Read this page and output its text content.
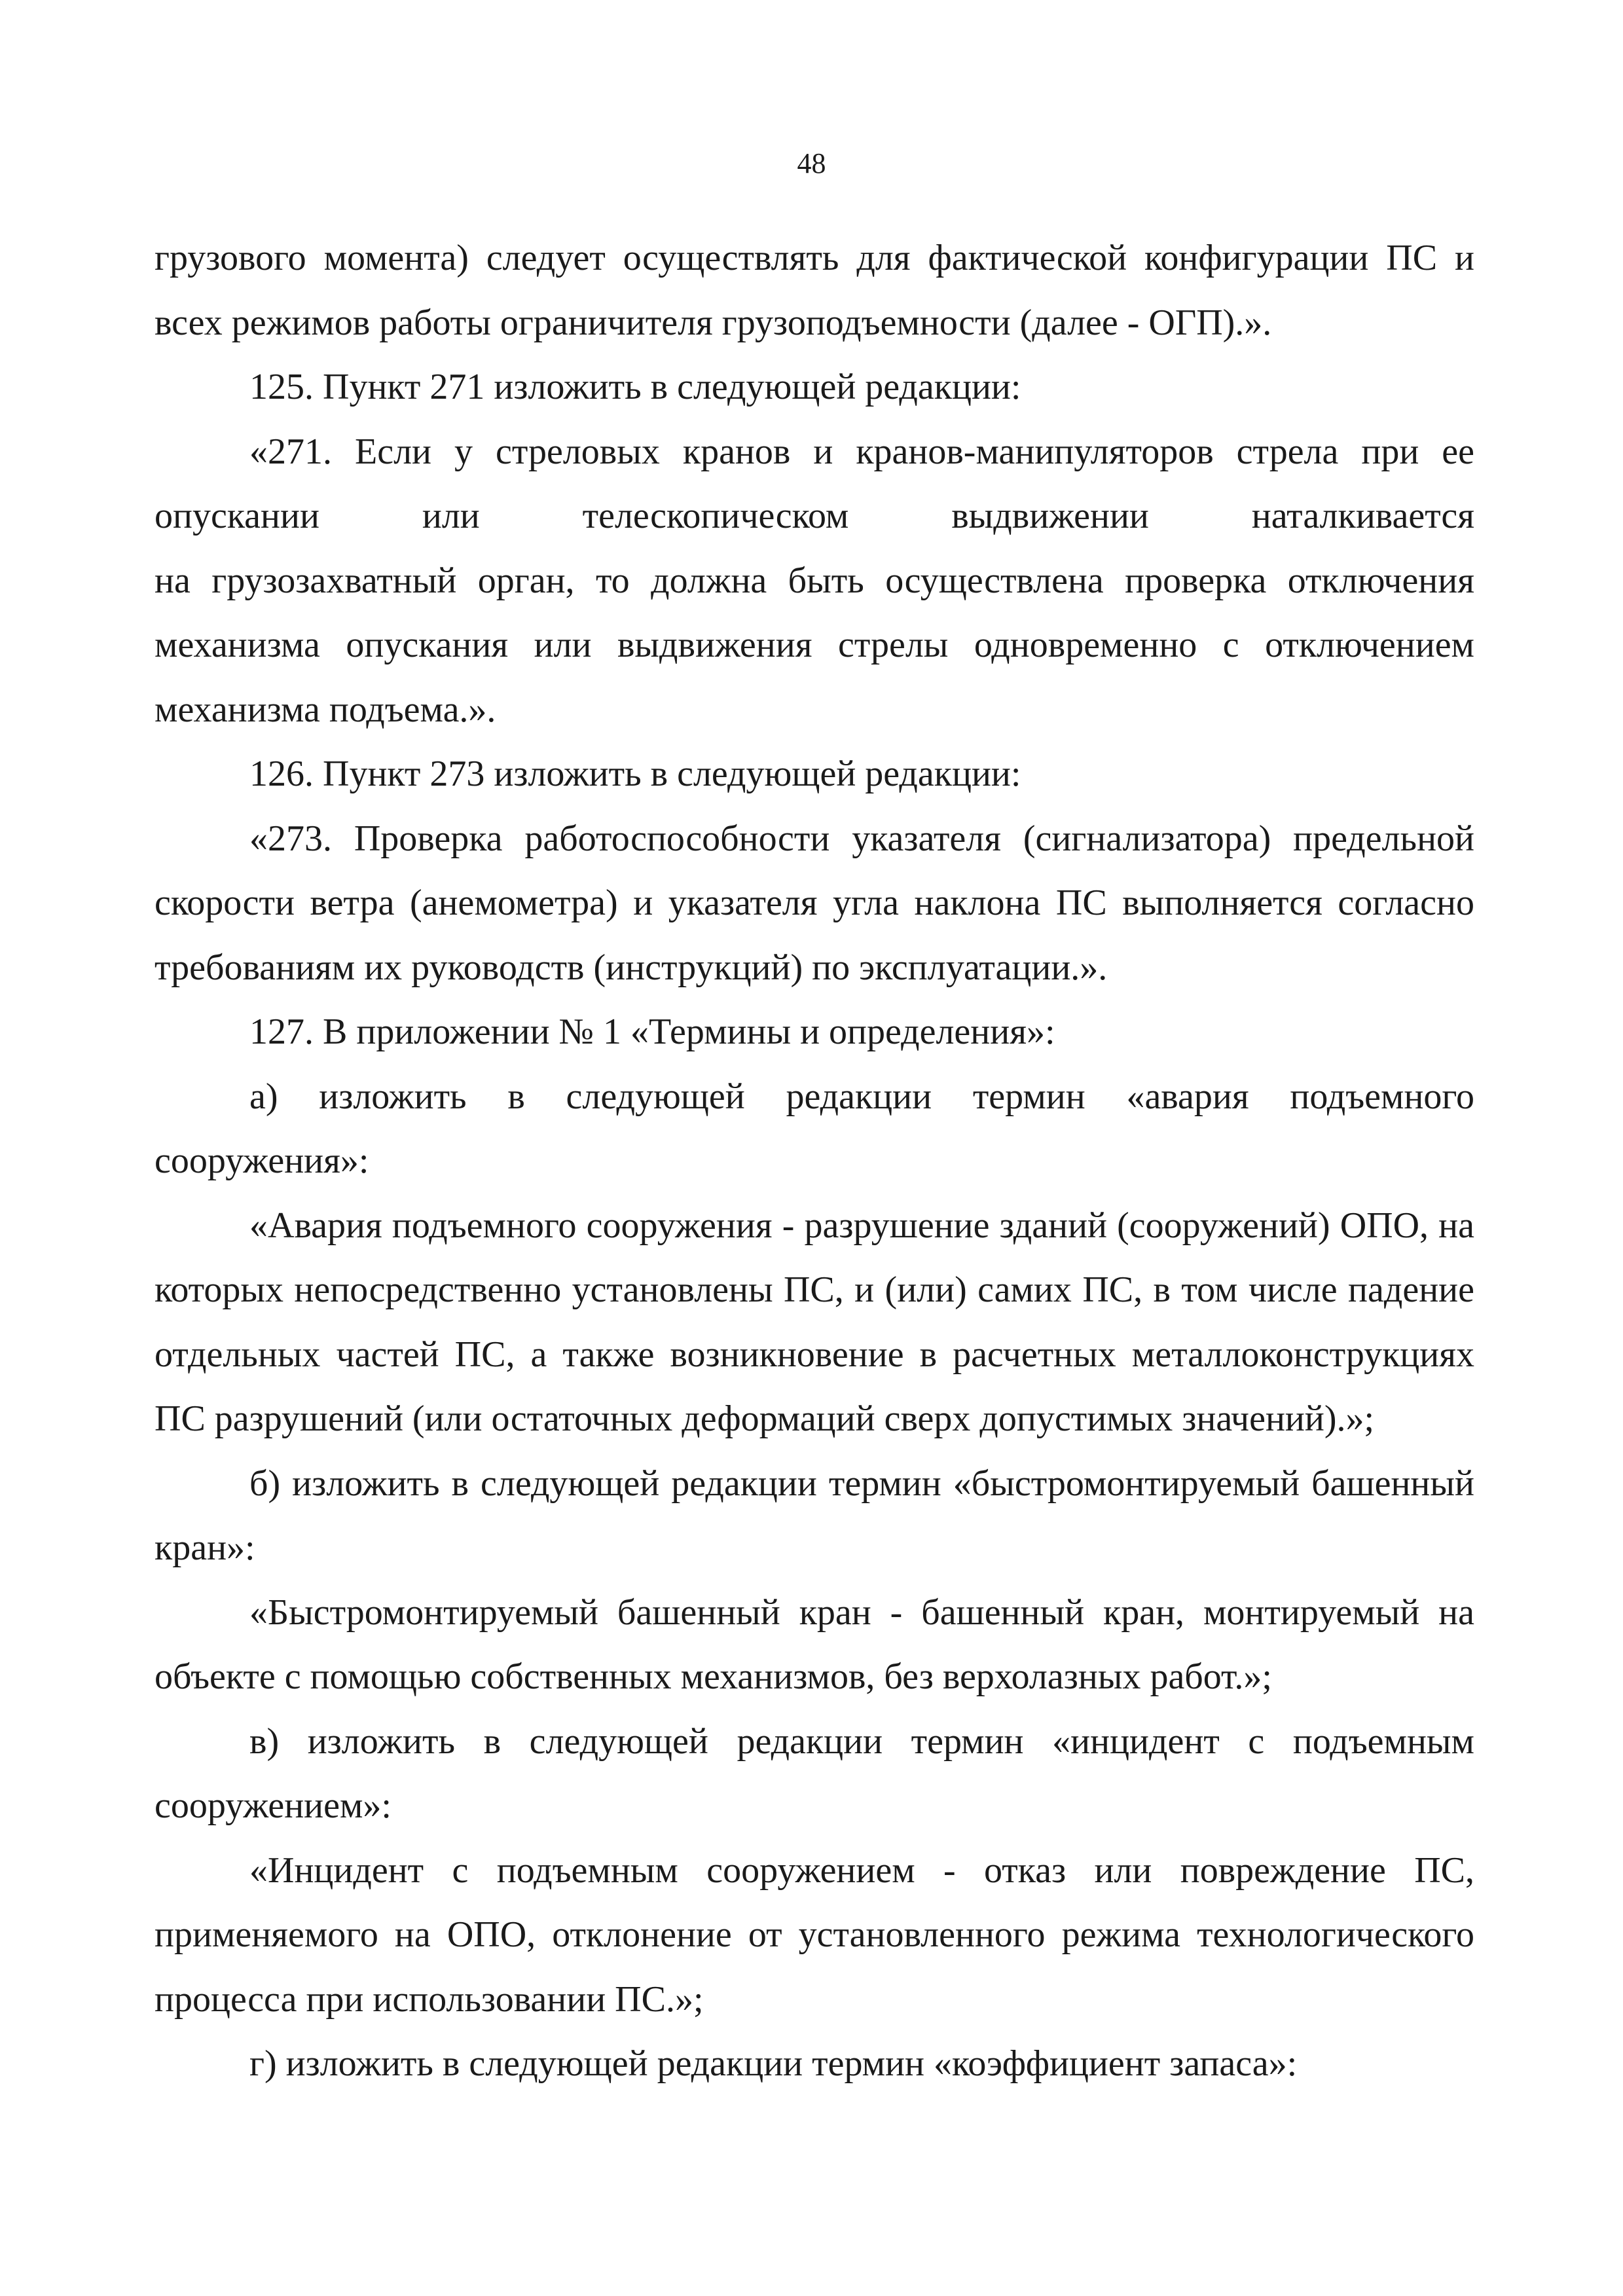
48

грузового момента) следует осуществлять для фактической конфигурации ПС и всех режимов работы ограничителя грузоподъемности (далее - ОГП).».

125. Пункт 271 изложить в следующей редакции:

«271. Если у стреловых кранов и кранов-манипуляторов стрела при ее опускании или телескопическом выдвижении наталкивается

на грузозахватный орган, то должна быть осуществлена проверка отключения механизма опускания или выдвижения стрелы одновременно с отключением механизма подъема.».

126. Пункт 273 изложить в следующей редакции:

«273. Проверка работоспособности указателя (сигнализатора) предельной скорости ветра (анемометра) и указателя угла наклона ПС выполняется согласно требованиям их руководств (инструкций) по эксплуатации.».

127. В приложении № 1 «Термины и определения»:

а) изложить в следующей редакции термин «авария подъемного сооружения»:

«Авария подъемного сооружения - разрушение зданий (сооружений) ОПО, на которых непосредственно установлены ПС, и (или) самих ПС, в том числе падение отдельных частей ПС, а также возникновение в расчетных металлоконструкциях ПС разрушений (или остаточных деформаций сверх допустимых значений).»;

б) изложить в следующей редакции термин «быстромонтируемый башенный кран»:

«Быстромонтируемый башенный кран - башенный кран, монтируемый на объекте с помощью собственных механизмов, без верхолазных работ.»;

в) изложить в следующей редакции термин «инцидент с подъемным сооружением»:

«Инцидент с подъемным сооружением - отказ или повреждение ПС, применяемого на ОПО, отклонение от установленного режима технологического процесса при использовании ПС.»;

г) изложить в следующей редакции термин «коэффициент запаса»:
